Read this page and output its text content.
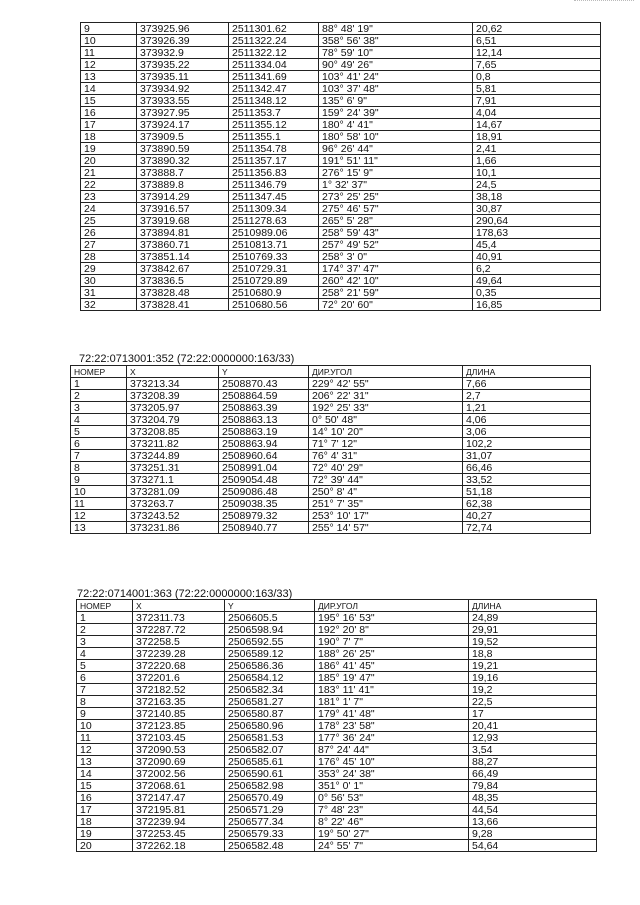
9	373925.96	2511301.62	88° 48' 19"	20,62
10	373926.39	2511322.24	358° 56' 38"	6,51
11	373932.9	2511322.12	78° 59' 10"	12,14
12	373935.22	2511334.04	90° 49' 26"	7,65
13	373935.11	2511341.69	103° 41' 24"	0,8
14	373934.92	2511342.47	103° 37' 48"	5,81
15	373933.55	2511348.12	135° 6' 9"	7,91
16	373927.95	2511353.7	159° 24' 39"	4,04
17	373924.17	2511355.12	180° 4' 41"	14,67
18	373909.5	2511355.1	180° 58' 10"	18,91
19	373890.59	2511354.78	96° 26' 44"	2,41
20	373890.32	2511357.17	191° 51' 11"	1,66
21	373888.7	2511356.83	276° 15' 9"	10,1
22	373889.8	2511346.79	1° 32' 37"	24,5
23	373914.29	2511347.45	273° 25' 25"	38,18
24	373916.57	2511309.34	275° 46' 57"	30,87
25	373919.68	2511278.63	265° 5' 28"	290,64
26	373894.81	2510989.06	258° 59' 43"	178,63
27	373860.71	2510813.71	257° 49' 52"	45,4
28	373851.14	2510769.33	258° 3' 0"	40,91
29	373842.67	2510729.31	174° 37' 47"	6,2
30	373836.5	2510729.89	260° 42' 10"	49,64
31	373828.48	2510680.9	258° 21' 59"	0,35
32	373828.41	2510680.56	72° 20' 60"	16,85
72:22:0713001:352 (72:22:0000000:163/33)
НОМЕР	X	Y	ДИР.УГОЛ	ДЛИНА
1	373213.34	2508870.43	229° 42' 55"	7,66
2	373208.39	2508864.59	206° 22' 31"	2,7
3	373205.97	2508863.39	192° 25' 33"	1,21
4	373204.79	2508863.13	0° 50' 48"	4,06
5	373208.85	2508863.19	14° 10' 20"	3,06
6	373211.82	2508863.94	71° 7' 12"	102,2
7	373244.89	2508960.64	76° 4' 31"	31,07
8	373251.31	2508991.04	72° 40' 29"	66,46
9	373271.1	2509054.48	72° 39' 44"	33,52
10	373281.09	2509086.48	250° 8' 4"	51,18
11	373263.7	2509038.35	251° 7' 35"	62,38
12	373243.52	2508979.32	253° 10' 17"	40,27
13	373231.86	2508940.77	255° 14' 57"	72,74
72:22:0714001:363 (72:22:0000000:163/33)
НОМЕР	X	Y	ДИР.УГОЛ	ДЛИНА
1	372311.73	2506605.5	195° 16' 53"	24,89
2	372287.72	2506598.94	192° 20' 8"	29,91
3	372258.5	2506592.55	190° 7' 7"	19,52
4	372239.28	2506589.12	188° 26' 25"	18,8
5	372220.68	2506586.36	186° 41' 45"	19,21
6	372201.6	2506584.12	185° 19' 47"	19,16
7	372182.52	2506582.34	183° 11' 41"	19,2
8	372163.35	2506581.27	181° 1' 7"	22,5
9	372140.85	2506580.87	179° 41' 48"	17
10	372123.85	2506580.96	178° 23' 58"	20,41
11	372103.45	2506581.53	177° 36' 24"	12,93
12	372090.53	2506582.07	87° 24' 44"	3,54
13	372090.69	2506585.61	176° 45' 10"	88,27
14	372002.56	2506590.61	353° 24' 38"	66,49
15	372068.61	2506582.98	351° 0' 1"	79,84
16	372147.47	2506570.49	0° 56' 53"	48,35
17	372195.81	2506571.29	7° 48' 23"	44,54
18	372239.94	2506577.34	8° 22' 46"	13,66
19	372253.45	2506579.33	19° 50' 27"	9,28
20	372262.18	2506582.48	24° 55' 7"	54,64
